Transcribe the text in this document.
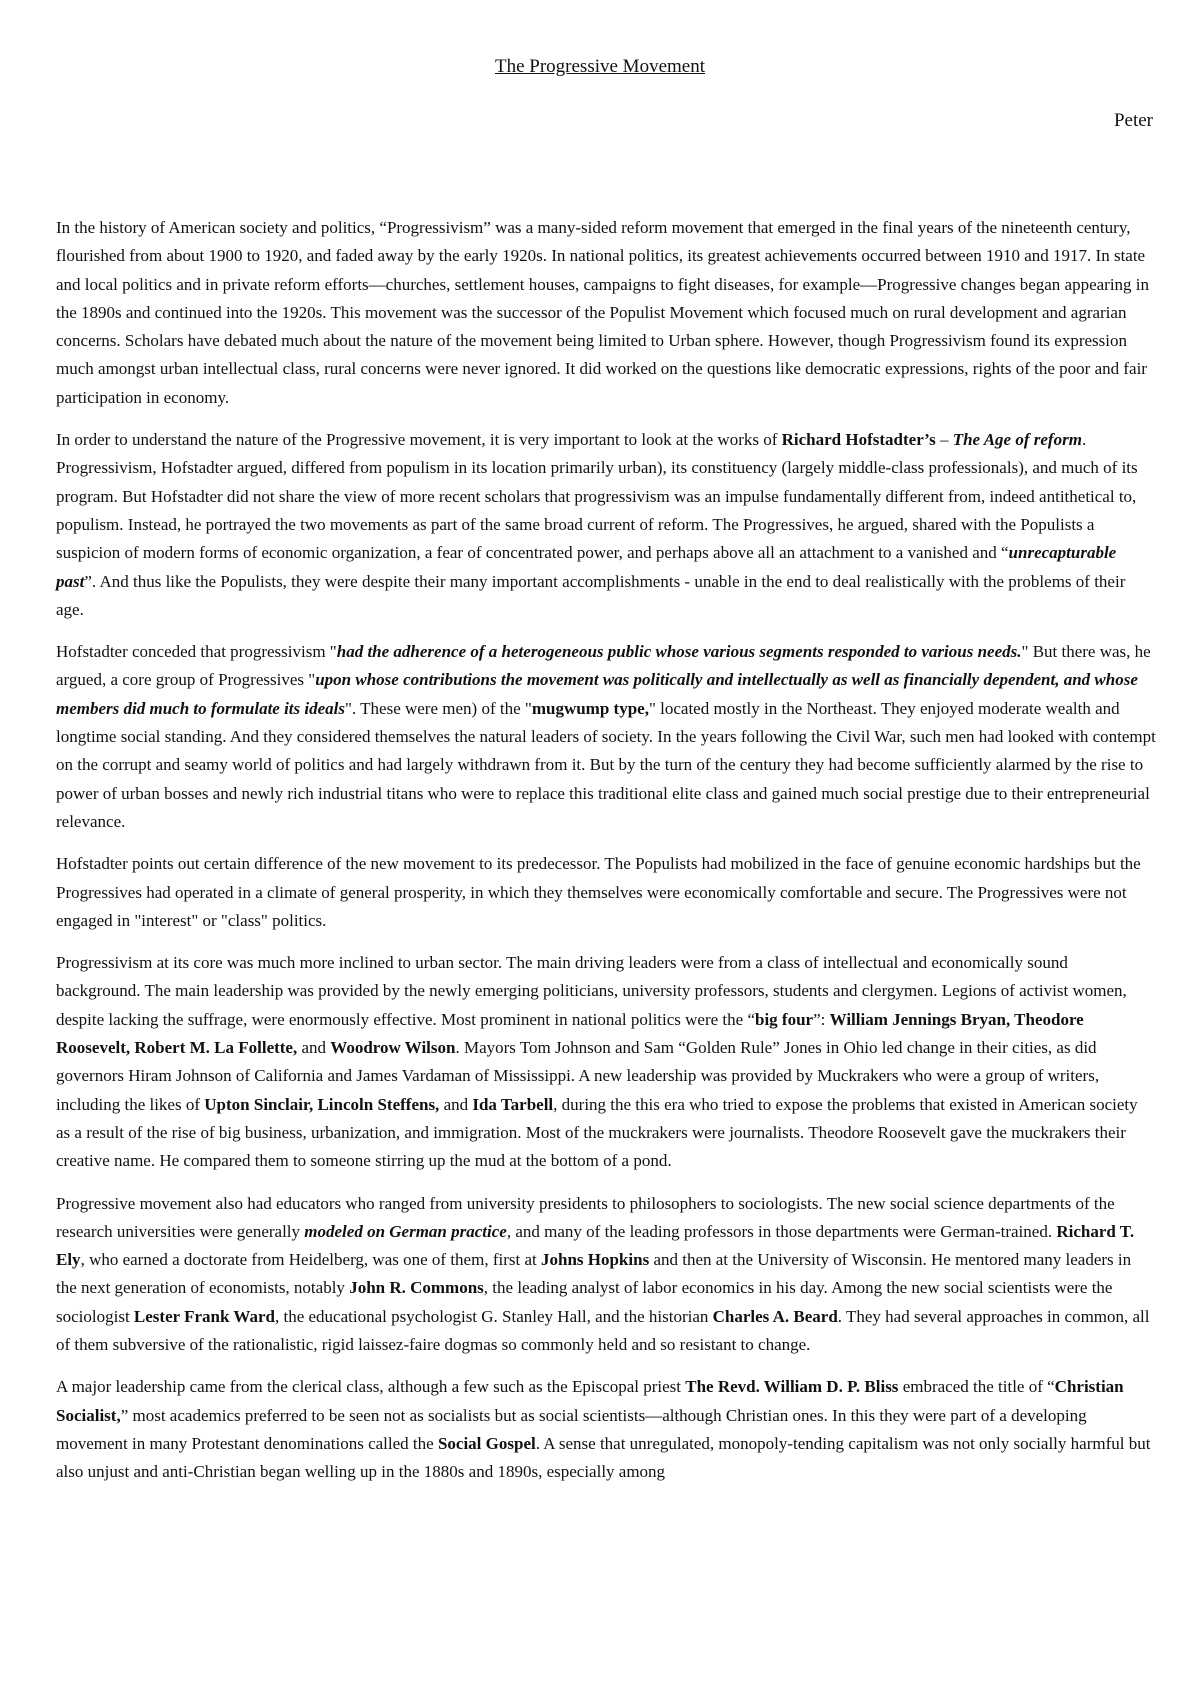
The Progressive Movement

Peter

In the history of American society and politics, “Progressivism” was a many-sided reform movement that emerged in the final years of the nineteenth century, flourished from about 1900 to 1920, and faded away by the early 1920s. In national politics, its greatest achievements occurred between 1910 and 1917. In state and local politics and in private reform efforts—churches, settlement houses, campaigns to fight diseases, for example—Progressive changes began appearing in the 1890s and continued into the 1920s. This movement was the successor of the Populist Movement which focused much on rural development and agrarian concerns. Scholars have debated much about the nature of the movement being limited to Urban sphere. However, though Progressivism found its expression much amongst urban intellectual class, rural concerns were never ignored. It did worked on the questions like democratic expressions, rights of the poor and fair participation in economy.

In order to understand the nature of the Progressive movement, it is very important to look at the works of Richard Hofstadter’s – The Age of reform. Progressivism, Hofstadter argued, differed from populism in its location primarily urban), its constituency (largely middle-class professionals), and much of its program. But Hofstadter did not share the view of more recent scholars that progressivism was an impulse fundamentally different from, indeed antithetical to, populism. Instead, he portrayed the two movements as part of the same broad current of reform. The Progressives, he argued, shared with the Populists a suspicion of modern forms of economic organization, a fear of concentrated power, and perhaps above all an attachment to a vanished and “unrecapturable past”. And thus like the Populists, they were despite their many important accomplishments - unable in the end to deal realistically with the problems of their age.

Hofstadter conceded that progressivism "had the adherence of a heterogeneous public whose various segments responded to various needs." But there was, he argued, a core group of Progressives "upon whose contributions the movement was politically and intellectually as well as financially dependent, and whose members did much to formulate its ideals". These were men) of the "mugwump type," located mostly in the Northeast. They enjoyed moderate wealth and longtime social standing. And they considered themselves the natural leaders of society. In the years following the Civil War, such men had looked with contempt on the corrupt and seamy world of politics and had largely withdrawn from it. But by the turn of the century they had become sufficiently alarmed by the rise to power of urban bosses and newly rich industrial titans who were to replace this traditional elite class and gained much social prestige due to their entrepreneurial relevance.

Hofstadter points out certain difference of the new movement to its predecessor. The Populists had mobilized in the face of genuine economic hardships but the Progressives had operated in a climate of general prosperity, in which they themselves were economically comfortable and secure. The Progressives were not engaged in "interest" or "class" politics.

Progressivism at its core was much more inclined to urban sector. The main driving leaders were from a class of intellectual and economically sound background. The main leadership was provided by the newly emerging politicians, university professors, students and clergymen. Legions of activist women, despite lacking the suffrage, were enormously effective. Most prominent in national politics were the “big four”: William Jennings Bryan, Theodore Roosevelt, Robert M. La Follette, and Woodrow Wilson. Mayors Tom Johnson and Sam “Golden Rule” Jones in Ohio led change in their cities, as did governors Hiram Johnson of California and James Vardaman of Mississippi. A new leadership was provided by Muckrakers who were a group of writers, including the likes of Upton Sinclair, Lincoln Steffens, and Ida Tarbell, during the this era who tried to expose the problems that existed in American society as a result of the rise of big business, urbanization, and immigration. Most of the muckrakers were journalists. Theodore Roosevelt gave the muckrakers their creative name. He compared them to someone stirring up the mud at the bottom of a pond.

Progressive movement also had educators who ranged from university presidents to philosophers to sociologists. The new social science departments of the research universities were generally modeled on German practice, and many of the leading professors in those departments were German-trained. Richard T. Ely, who earned a doctorate from Heidelberg, was one of them, first at Johns Hopkins and then at the University of Wisconsin. He mentored many leaders in the next generation of economists, notably John R. Commons, the leading analyst of labor economics in his day. Among the new social scientists were the sociologist Lester Frank Ward, the educational psychologist G. Stanley Hall, and the historian Charles A. Beard. They had several approaches in common, all of them subversive of the rationalistic, rigid laissez-faire dogmas so commonly held and so resistant to change.

A major leadership came from the clerical class, although a few such as the Episcopal priest The Revd. William D. P. Bliss embraced the title of “Christian Socialist,” most academics preferred to be seen not as socialists but as social scientists—although Christian ones. In this they were part of a developing movement in many Protestant denominations called the Social Gospel. A sense that unregulated, monopoly-tending capitalism was not only socially harmful but also unjust and anti-Christian began welling up in the 1880s and 1890s, especially among
